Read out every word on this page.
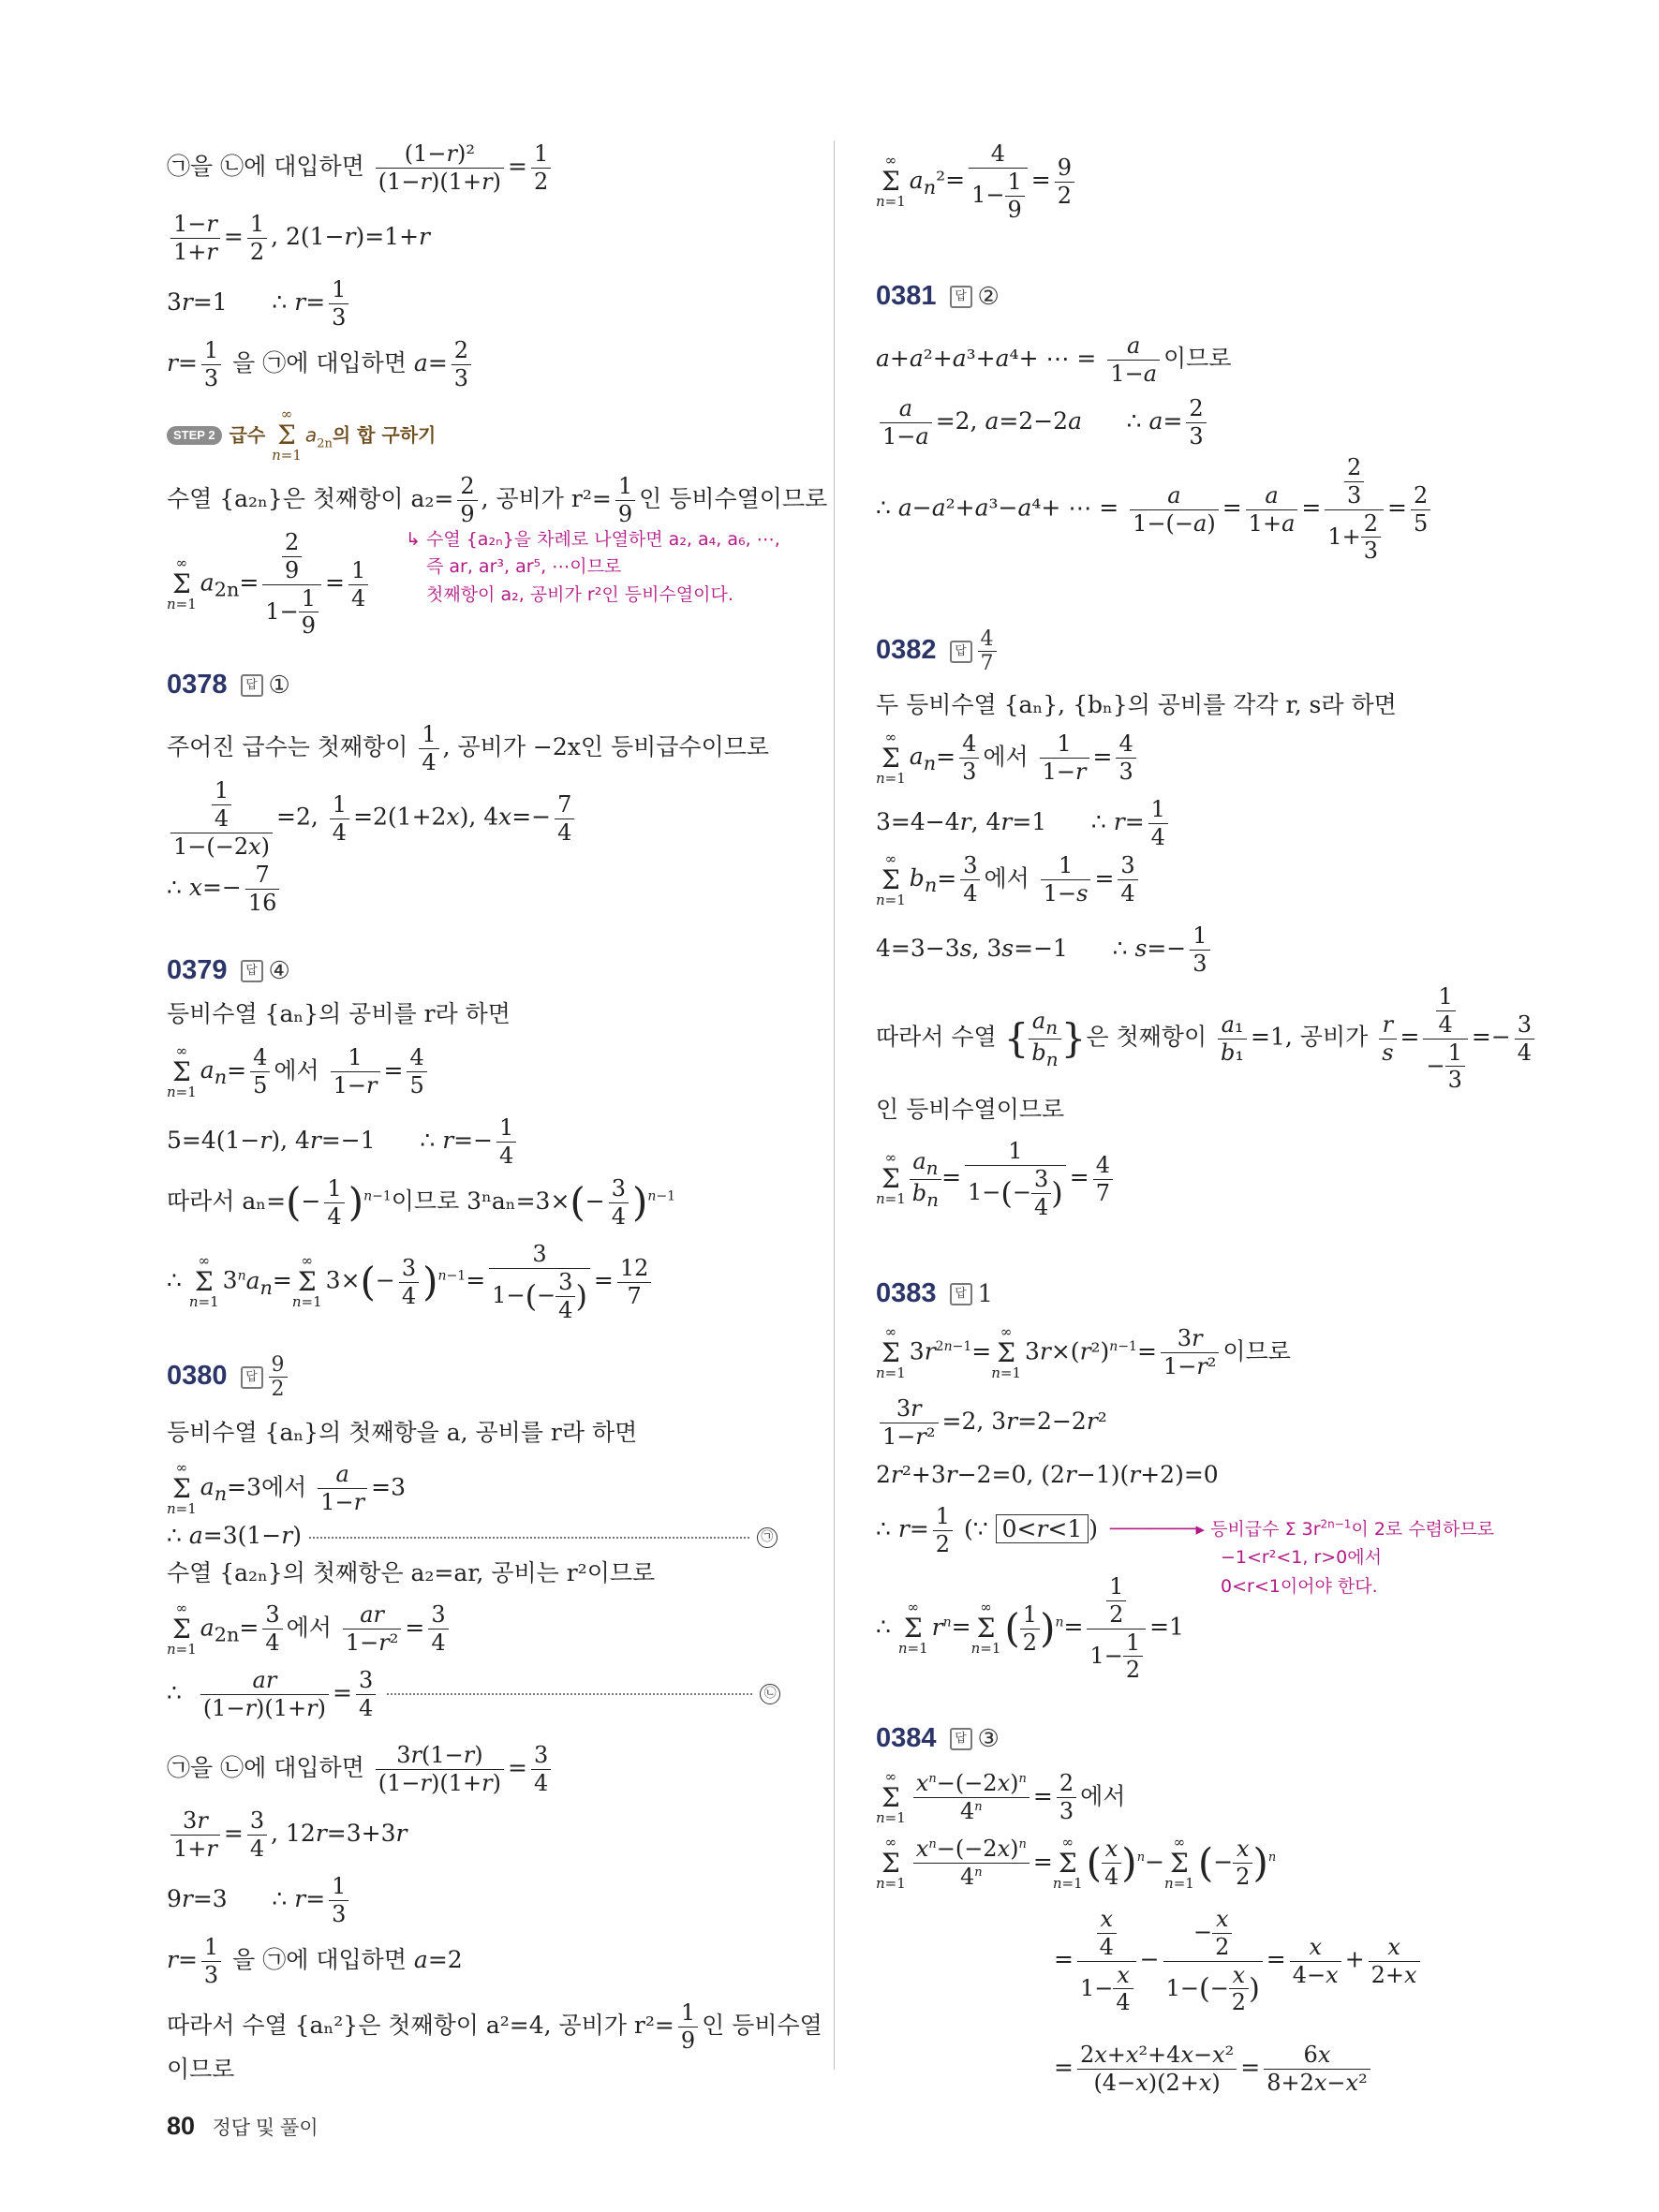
㉠을 ㉡에 대입하면 $\frac{\text{(1−r)²}}{(1-r)(1+r)} = \frac{1}{2}$
$\frac{1-r}{1+r} = \frac{1}{2}$ , 2(1−r)=1+r
3r=1      ∴ $r= \frac{1}{3}$
$r= \frac{1}{3}$ 을 ㉠에 대입하면 $a= \frac{2}{3}$
STEP 2 급수 ∞
Σ
$n=1a_{2n}$의 합 구하기
수열 {a₂ₙ}은 첫째항이 $a_2= \frac{2}{9}$ , 공비가 $r^2= \frac{1}{9}$ 인 등비수열이므로
↳ 수열 {a₂ₙ}을 차례로 나열하면 a₂, a₄, a₆, ⋯,
즉 ar, ar³, ar⁵, ⋯이므로
첫째항이 a₂, 공비가 r²인 등비수열이다.
∞
Σ
$n=1a_{2n}= \frac{\frac{2}{9}}{1- \frac{1}{9}} = \frac{1}{4}$
0378 답 ①
주어진 급수는 첫째항이 $\frac{1}{4}$ , 공비가 −2x인 등비급수이므로
$\frac{\frac{1}{4}}{1-(-2x)} =2$, $\frac{1}{4} =2(1+2x)$, $4x=- \frac{7}{4}$
∴ $x=- \frac{7}{16}$
0379 답 ④
등비수열 {aₙ}의 공비를 r라 하면
∞
Σ
$n=1a_n= \frac{4}{5}$ 에서 $\frac{1}{1-r} = \frac{4}{5}$
5=4(1−r), 4r=−1      ∴ $r=- \frac{1}{4}$
따라서 $a_n=(- \frac{1}{4} )^{n-1}$이므로 $3^na_n=3\times(- \frac{3}{4} )^{n-1}$
∴ ∞
Σ
$n=13^na_n=\infty$
Σ
$n=13\times(- \frac{3}{4} )^{n-1}= \frac{3}{1-(- \frac{3}{4} )} = \frac{12}{7}$
0380 답 $\frac{9}{2}$
등비수열 {aₙ}의 첫째항을 a, 공비를 r라 하면
∞
Σ
$n=1a_n=3$에서 $\frac{a}{1-r} =3$
∴ a=3(1−r)	㉠
수열 {a₂ₙ}의 첫째항은 a₂=ar, 공비는 r²이므로
∞
Σ
$n=1a_{2n}= \frac{3}{4}$ 에서 $\frac{ar}{\text{1−r²}} = \frac{3}{4}$
∴ $\frac{ar}{(1-r)(1+r)} = \frac{3}{4}$	㉡
㉠을 ㉡에 대입하면 $\frac{3r(1-r)}{(1-r)(1+r)} = \frac{3}{4}$
$\frac{3r}{1+r} = \frac{3}{4}$ , 12r=3+3r
9r=3      ∴ $r= \frac{1}{3}$
$r= \frac{1}{3}$ 을 ㉠에 대입하면 a=2
따라서 수열 {aₙ²}은 첫째항이 a²=4, 공비가 $r^2= \frac{1}{9}$ 인 등비수열
이므로
∞
Σ
$n=1a_n^2= \frac{4}{1- \frac{1}{9}} = \frac{9}{2}$
0381 답 ②
a+a²+a³+a⁴+ ⋯ = $\frac{a}{1-a}$ 이므로
$\frac{a}{1-a} =2$, a=2−2a      ∴ $a= \frac{2}{3}$
∴ a−a²+a³−a⁴+ ⋯ = $\frac{a}{1-(-a)} = \frac{a}{1+a} = \frac{\frac{2}{3}}{1+ \frac{2}{3}} = \frac{2}{5}$
0382 답 $\frac{4}{7}$
두 등비수열 {aₙ}, {bₙ}의 공비를 각각 r, s라 하면
∞
Σ
$n=1a_n= \frac{4}{3}$ 에서 $\frac{1}{1-r} = \frac{4}{3}$
3=4−4r, 4r=1      ∴ $r= \frac{1}{4}$
∞
Σ
$n=1b_n= \frac{3}{4}$ 에서 $\frac{1}{1-s} = \frac{3}{4}$
4=3−3s, 3s=−1      ∴ $s=- \frac{1}{3}$
따라서 수열 { $\frac{a_n}{b_n}$ }은 첫째항이 $\frac{\text{a₁}}{\text{b₁}} =1$, 공비가 $\frac{r}{s} = \frac{\frac{1}{4}}{- \frac{1}{3}} =- \frac{3}{4}$
인 등비수열이므로
∞
Σ
$n=1 \frac{a_n}{b_n} = \frac{1}{1-(- \frac{3}{4} )} = \frac{4}{7}$
0383 답 1
∞
Σ
$n=13r^{2n-1}=\infty$
Σ
$n=13r\times(r^2)^{n-1}= \frac{3r}{\text{1−r²}}$ 이므로
$\frac{3r}{\text{1−r²}} =2$, 3r=2−2r²
2r²+3r−2=0, (2r−1)(r+2)=0
∴ $r= \frac{1}{2}$ (∵ 0<r<1 ) ────────▸ 등비급수 Σ $3r^{2n-1}$이 2로 수렴하므로
−1<r²<1, r>0에서
0<r<1이어야 한다.
∴ ∞
Σ
$n=1r^n=\infty$
Σ
$n=1( \frac{1}{2} )^n= \frac{\frac{1}{2}}{1- \frac{1}{2}} =1$
0384 답 ③
∞
Σ
$n=1 \frac{x^n-(-2x)^n}{4^n} = \frac{2}{3}$ 에서
∞
Σ
$n=1 \frac{x^n-(-2x)^n}{4^n}$ =∞
Σ
$n=1( \frac{x}{4} )^n-\infty$
Σ
$n=1(- \frac{x}{2} )^n$
= $\frac{\frac{x}{4}}{1- \frac{x}{4}} - \frac{- \frac{x}{2}}{1-(- \frac{x}{2} )} = \frac{x}{4-x} + \frac{x}{2+x}$
= $\frac{\text{2x+x²+4x−x²}}{(4-x)(2+x)} = \frac{6x}{\text{8+2x−x²}}$
80 정답 및 풀이
